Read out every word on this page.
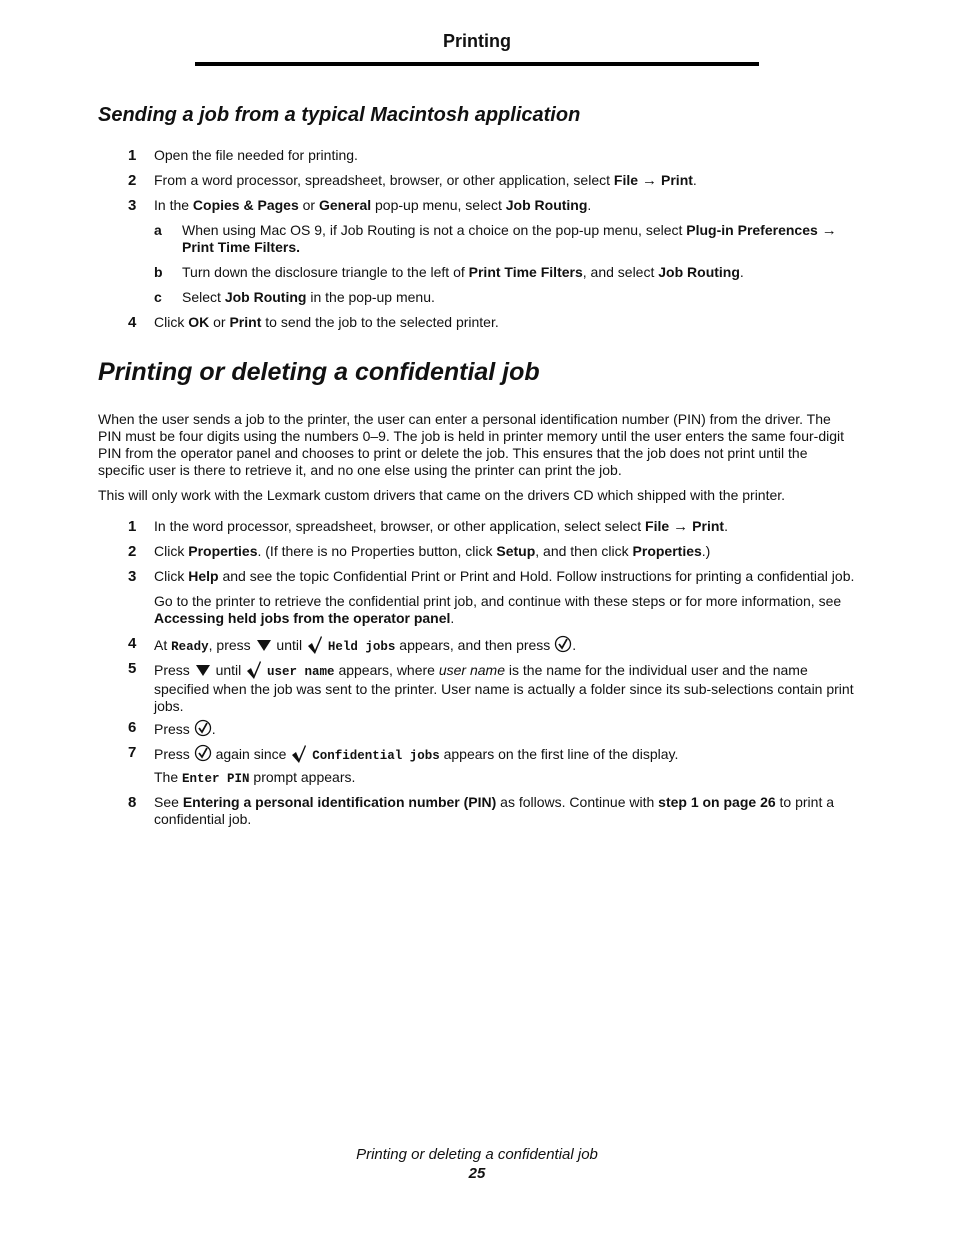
Printing
Sending a job from a typical Macintosh application
1 Open the file needed for printing.
2 From a word processor, spreadsheet, browser, or other application, select File → Print.
3 In the Copies & Pages or General pop-up menu, select Job Routing.
a When using Mac OS 9, if Job Routing is not a choice on the pop-up menu, select Plug-in Preferences →
Print Time Filters.
b Turn down the disclosure triangle to the left of Print Time Filters, and select Job Routing.
c Select Job Routing in the pop-up menu.
4 Click OK or Print to send the job to the selected printer.
Printing or deleting a confidential job
When the user sends a job to the printer, the user can enter a personal identification number (PIN) from the driver. The PIN must be four digits using the numbers 0–9. The job is held in printer memory until the user enters the same four-digit PIN from the operator panel and chooses to print or delete the job. This ensures that the job does not print until the specific user is there to retrieve it, and no one else using the printer can print the job.
This will only work with the Lexmark custom drivers that came on the drivers CD which shipped with the printer.
1 In the word processor, spreadsheet, browser, or other application, select select File → Print.
2 Click Properties. (If there is no Properties button, click Setup, and then click Properties.)
3 Click Help and see the topic Confidential Print or Print and Hold. Follow instructions for printing a confidential job.
Go to the printer to retrieve the confidential print job, and continue with these steps or for more information, see Accessing held jobs from the operator panel.
4 At Ready, press  until  Held jobs appears, and then press .
5 Press  until  user name appears, where user name is the name for the individual user and the name specified when the job was sent to the printer. User name is actually a folder since its sub-selections contain print jobs.
6 Press .
7 Press  again since  Confidential jobs appears on the first line of the display.
The Enter PIN prompt appears.
8 See Entering a personal identification number (PIN) as follows. Continue with step 1 on page 26 to print a confidential job.
Printing or deleting a confidential job
25
